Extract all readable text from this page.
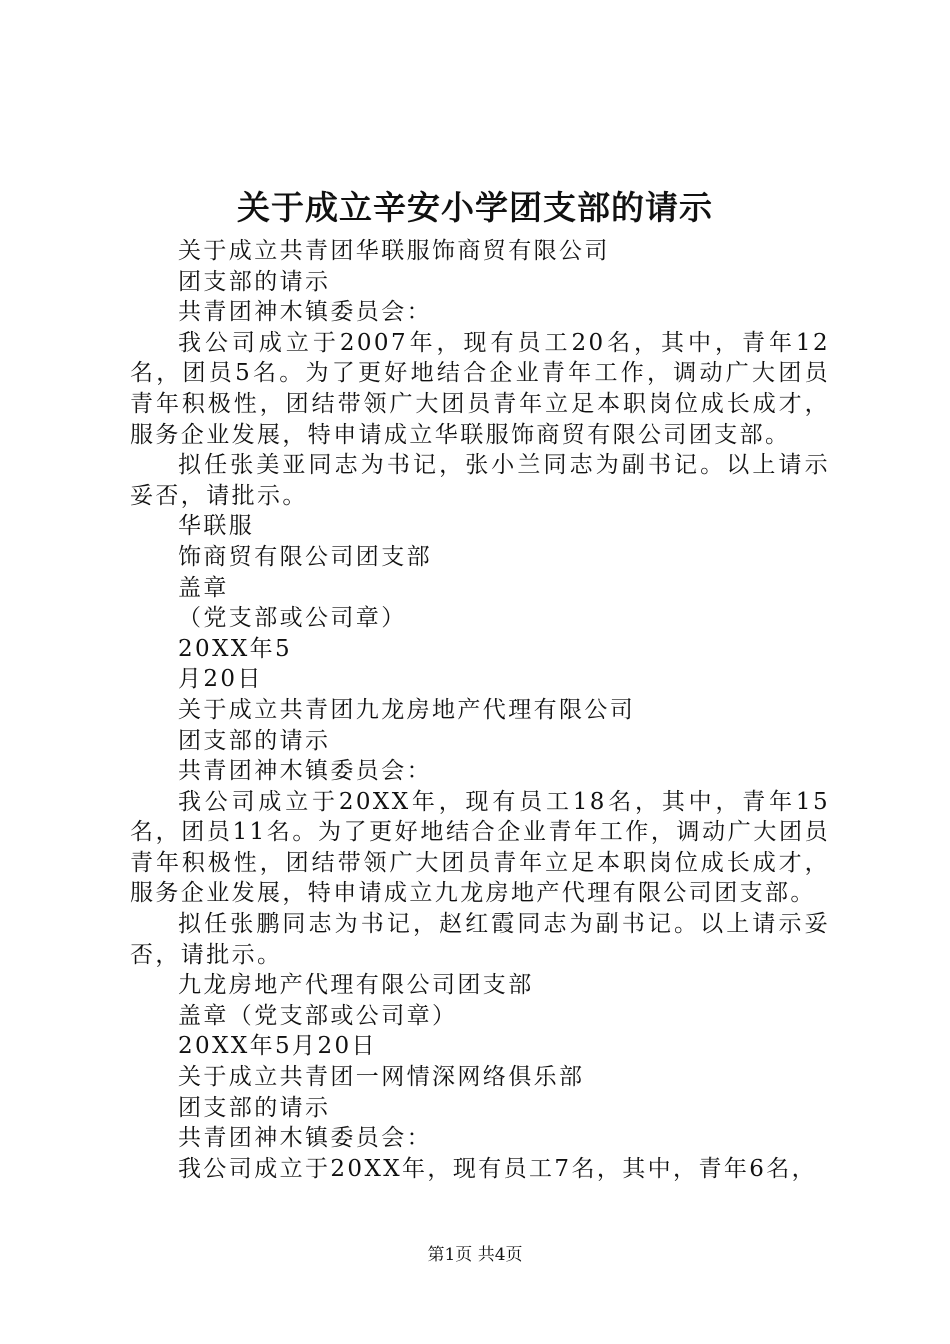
关于成立辛安小学团支部的请示

关于成立共青团华联服饰商贸有限公司

团支部的请示

共青团神木镇委员会：

我公司成立于2007年，现有员工20名，其中，青年12名，团员5名。为了更好地结合企业青年工作，调动广大团员青年积极性，团结带领广大团员青年立足本职岗位成长成才，服务企业发展，特申请成立华联服饰商贸有限公司团支部。

拟任张美亚同志为书记，张小兰同志为副书记。以上请示妥否，请批示。

华联服

饰商贸有限公司团支部

盖章

（党支部或公司章）

20XX年5

月20日

关于成立共青团九龙房地产代理有限公司

团支部的请示

共青团神木镇委员会：

我公司成立于20XX年，现有员工18名，其中，青年15名，团员11名。为了更好地结合企业青年工作，调动广大团员青年积极性，团结带领广大团员青年立足本职岗位成长成才，服务企业发展，特申请成立九龙房地产代理有限公司团支部。

拟任张鹏同志为书记，赵红霞同志为副书记。以上请示妥否，请批示。

九龙房地产代理有限公司团支部

盖章（党支部或公司章）

20XX年5月20日

关于成立共青团一网情深网络俱乐部

团支部的请示

共青团神木镇委员会：

我公司成立于20XX年，现有员工7名，其中，青年6名，

第1页 共4页
